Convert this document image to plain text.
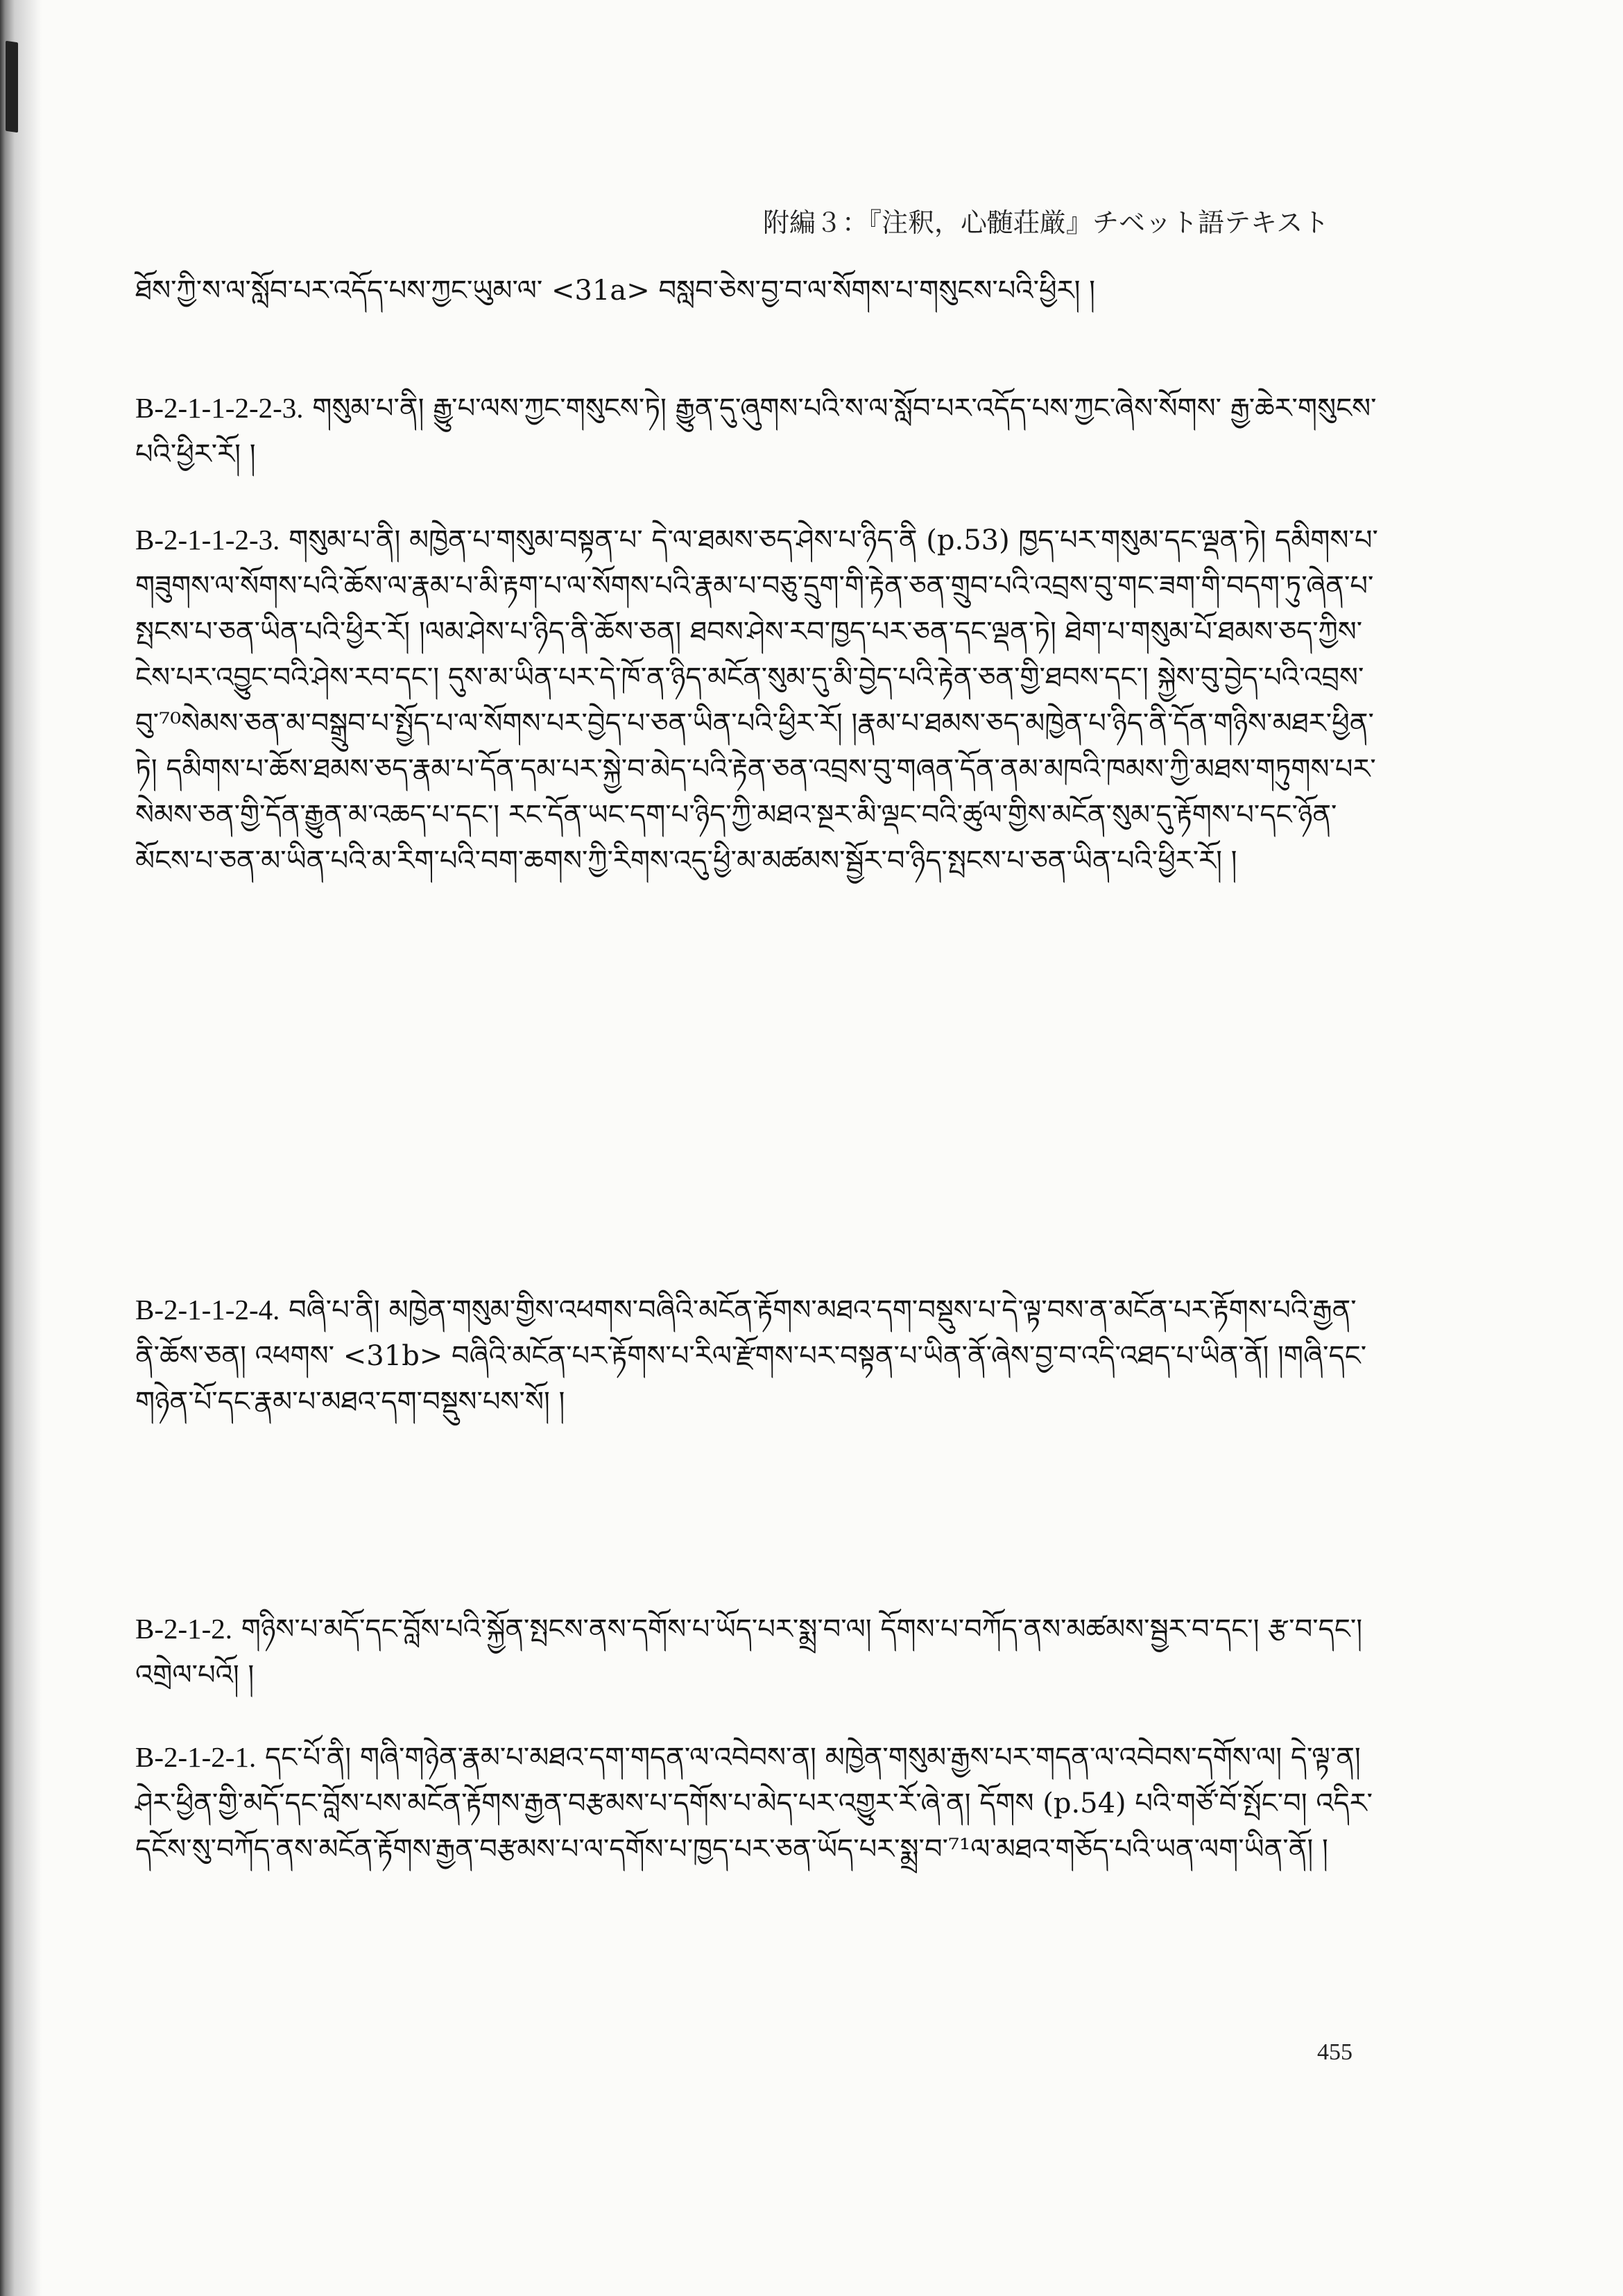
附編３：『注釈，心髄荘厳』チベット語テキスト
ཐོས་ཀྱི་ས་ལ་སློབ་པར་འདོད་པས་ཀྱང་ཡུམ་ལ་ <31a> བསླབ་ཅེས་བྱ་བ་ལ་སོགས་པ་གསུངས་པའི་ཕྱིར། །
B-2-1-1-2-2-3. གསུམ་པ་ནི། རྒྱུ་པ་ལས་ཀྱང་གསུངས་ཏེ། རྒྱུན་དུ་ཞུགས་པའི་ས་ལ་སློབ་པར་འདོད་པས་ཀྱང་ཞེས་སོགས་ རྒྱ་ཆེར་གསུངས་པའི་ཕྱིར་རོ། །
B-2-1-1-2-3. གསུམ་པ་ནི། མཁྱེན་པ་གསུམ་བསྟན་པ་ དེ་ལ་ཐམས་ཅད་ཤེས་པ་ཉིད་ནི (p.53) ཁྱད་པར་གསུམ་དང་ལྡན་ཏེ། དམིགས་པ་གཟུགས་ལ་སོགས་པའི་ཆོས་ལ་རྣམ་པ་མི་རྟག་པ་ལ་སོགས་པའི་རྣམ་པ་བཅུ་དྲུག་གི་རྟེན་ཅན་གྲུབ་པའི་འབྲས་བུ་གང་ཟག་གི་བདག་ཏུ་ཞེན་པ་སྤངས་པ་ཅན་ཡིན་པའི་ཕྱིར་རོ། །ལམ་ཤེས་པ་ཉིད་ནི་ཆོས་ཅན། ཐབས་ཤེས་རབ་ཁྱད་པར་ཅན་དང་ལྡན་ཏེ། ཐེག་པ་གསུམ་པོ་ཐམས་ཅད་ཀྱིས་ངེས་པར་འབྱུང་བའི་ཤེས་རབ་དང་། དུས་མ་ཡིན་པར་དེ་ཁོ་ན་ཉིད་མངོན་སུམ་དུ་མི་བྱེད་པའི་རྟེན་ཅན་གྱི་ཐབས་དང་། སྐྱེས་བུ་བྱེད་པའི་འབྲས་བུ་⁷⁰སེམས་ཅན་མ་བསྒྲུབ་པ་སྤྱོད་པ་ལ་སོགས་པར་བྱེད་པ་ཅན་ཡིན་པའི་ཕྱིར་རོ། །རྣམ་པ་ཐམས་ཅད་མཁྱེན་པ་ཉིད་ནི་དོན་གཉིས་མཐར་ཕྱིན་ཏེ། དམིགས་པ་ཆོས་ཐམས་ཅད་རྣམ་པ་དོན་དམ་པར་སྐྱེ་བ་མེད་པའི་རྟེན་ཅན་འབྲས་བུ་གཞན་དོན་ནམ་མཁའི་ཁམས་ཀྱི་མཐས་གཏུགས་པར་སེམས་ཅན་གྱི་དོན་རྒྱུན་མ་འཆད་པ་དང་། རང་དོན་ཡང་དག་པ་ཉིད་ཀྱི་མཐའ་སྔར་མི་ལྡང་བའི་ཚུལ་གྱིས་མངོན་སུམ་དུ་རྟོགས་པ་དང་ཉོན་མོངས་པ་ཅན་མ་ཡིན་པའི་མ་རིག་པའི་བག་ཆགས་ཀྱི་རིགས་འདུ་ཕྱི་མ་མཚམས་སྦྱོར་བ་ཉིད་སྤངས་པ་ཅན་ཡིན་པའི་ཕྱིར་རོ། །
B-2-1-1-2-4. བཞི་པ་ནི། མཁྱེན་གསུམ་གྱིས་འཕགས་བཞིའི་མངོན་རྟོགས་མཐའ་དག་བསྡུས་པ་དེ་ལྟ་བས་ན་མངོན་པར་རྟོགས་པའི་རྒྱན་ནི་ཆོས་ཅན། འཕགས་ <31b> བཞིའི་མངོན་པར་རྟོགས་པ་རིལ་རྫོགས་པར་བསྟན་པ་ཡིན་ནོ་ཞེས་བྱ་བ་འདི་འཐད་པ་ཡིན་ནོ། །གཞི་དང་གཉེན་པོ་དང་རྣམ་པ་མཐའ་དག་བསྡུས་པས་སོ། །
B-2-1-2. གཉིས་པ་མདོ་དང་བློས་པའི་སྐྱོན་སྤངས་ནས་དགོས་པ་ཡོད་པར་སྨྲ་བ་ལ། དོགས་པ་བཀོད་ནས་མཚམས་སྦྱར་བ་དང་། རྩ་བ་དང་། འགྲེལ་པའོ། །
B-2-1-2-1. དང་པོ་ནི། གཞི་གཉེན་རྣམ་པ་མཐའ་དག་གདན་ལ་འབེབས་ན། མཁྱེན་གསུམ་རྒྱས་པར་གདན་ལ་འབེབས་དགོས་ལ། དེ་ལྟ་ན། ཤེར་ཕྱིན་གྱི་མདོ་དང་བློས་པས་མངོན་རྟོགས་རྒྱན་བརྩམས་པ་དགོས་པ་མེད་པར་འགྱུར་རོ་ཞེ་ན། དོགས (p.54) པའི་གཙོ་བོ་སྤོང་བ། འདིར་དངོས་སུ་བཀོད་ནས་མངོན་རྟོགས་རྒྱན་བརྩམས་པ་ལ་དགོས་པ་ཁྱད་པར་ཅན་ཡོད་པར་སྨྲ་བ་⁷¹ལ་མཐའ་གཅོད་པའི་ཡན་ལག་ཡིན་ནོ། །
455
